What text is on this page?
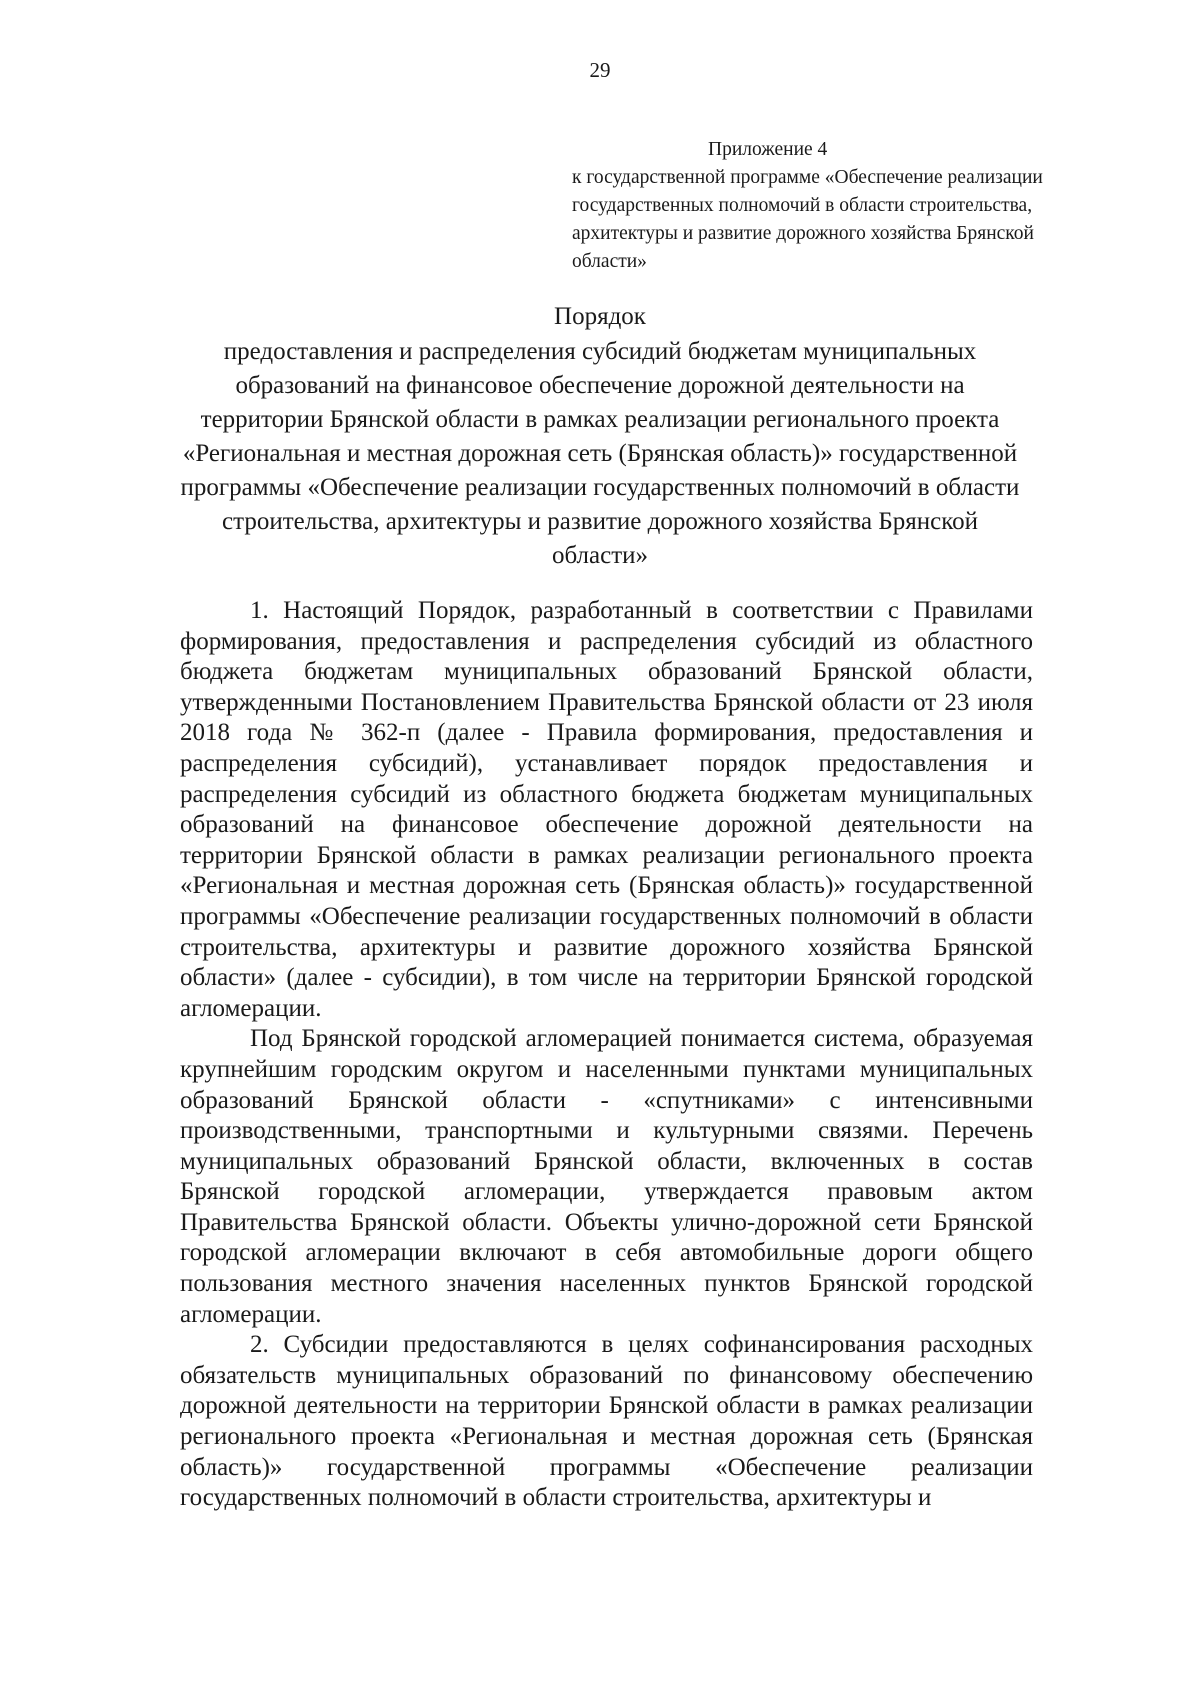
29
Приложение 4
к государственной программе «Обеспечение реализации государственных полномочий в области строительства, архитектуры и развитие дорожного хозяйства Брянской области»
Порядок
предоставления и распределения субсидий бюджетам муниципальных образований на финансовое обеспечение дорожной деятельности на территории Брянской области в рамках реализации регионального проекта «Региональная и местная дорожная сеть (Брянская область)» государственной программы «Обеспечение реализации государственных полномочий в области строительства, архитектуры и развитие дорожного хозяйства Брянской области»

1. Настоящий Порядок, разработанный в соответствии с Правилами формирования, предоставления и распределения субсидий из областного бюджета бюджетам муниципальных образований Брянской области, утвержденными Постановлением Правительства Брянской области от 23 июля 2018 года № 362-п (далее - Правила формирования, предоставления и распределения субсидий), устанавливает порядок предоставления и распределения субсидий из областного бюджета бюджетам муниципальных образований на финансовое обеспечение дорожной деятельности на территории Брянской области в рамках реализации регионального проекта «Региональная и местная дорожная сеть (Брянская область)» государственной программы «Обеспечение реализации государственных полномочий в области строительства, архитектуры и развитие дорожного хозяйства Брянской области» (далее - субсидии), в том числе на территории Брянской городской агломерации.

Под Брянской городской агломерацией понимается система, образуемая крупнейшим городским округом и населенными пунктами муниципальных образований Брянской области - «спутниками» с интенсивными производственными, транспортными и культурными связями. Перечень муниципальных образований Брянской области, включенных в состав Брянской городской агломерации, утверждается правовым актом Правительства Брянской области. Объекты улично-дорожной сети Брянской городской агломерации включают в себя автомобильные дороги общего пользования местного значения населенных пунктов Брянской городской агломерации.

2. Субсидии предоставляются в целях софинансирования расходных обязательств муниципальных образований по финансовому обеспечению дорожной деятельности на территории Брянской области в рамках реализации регионального проекта «Региональная и местная дорожная сеть (Брянская область)» государственной программы «Обеспечение реализации государственных полномочий в области строительства, архитектуры и
